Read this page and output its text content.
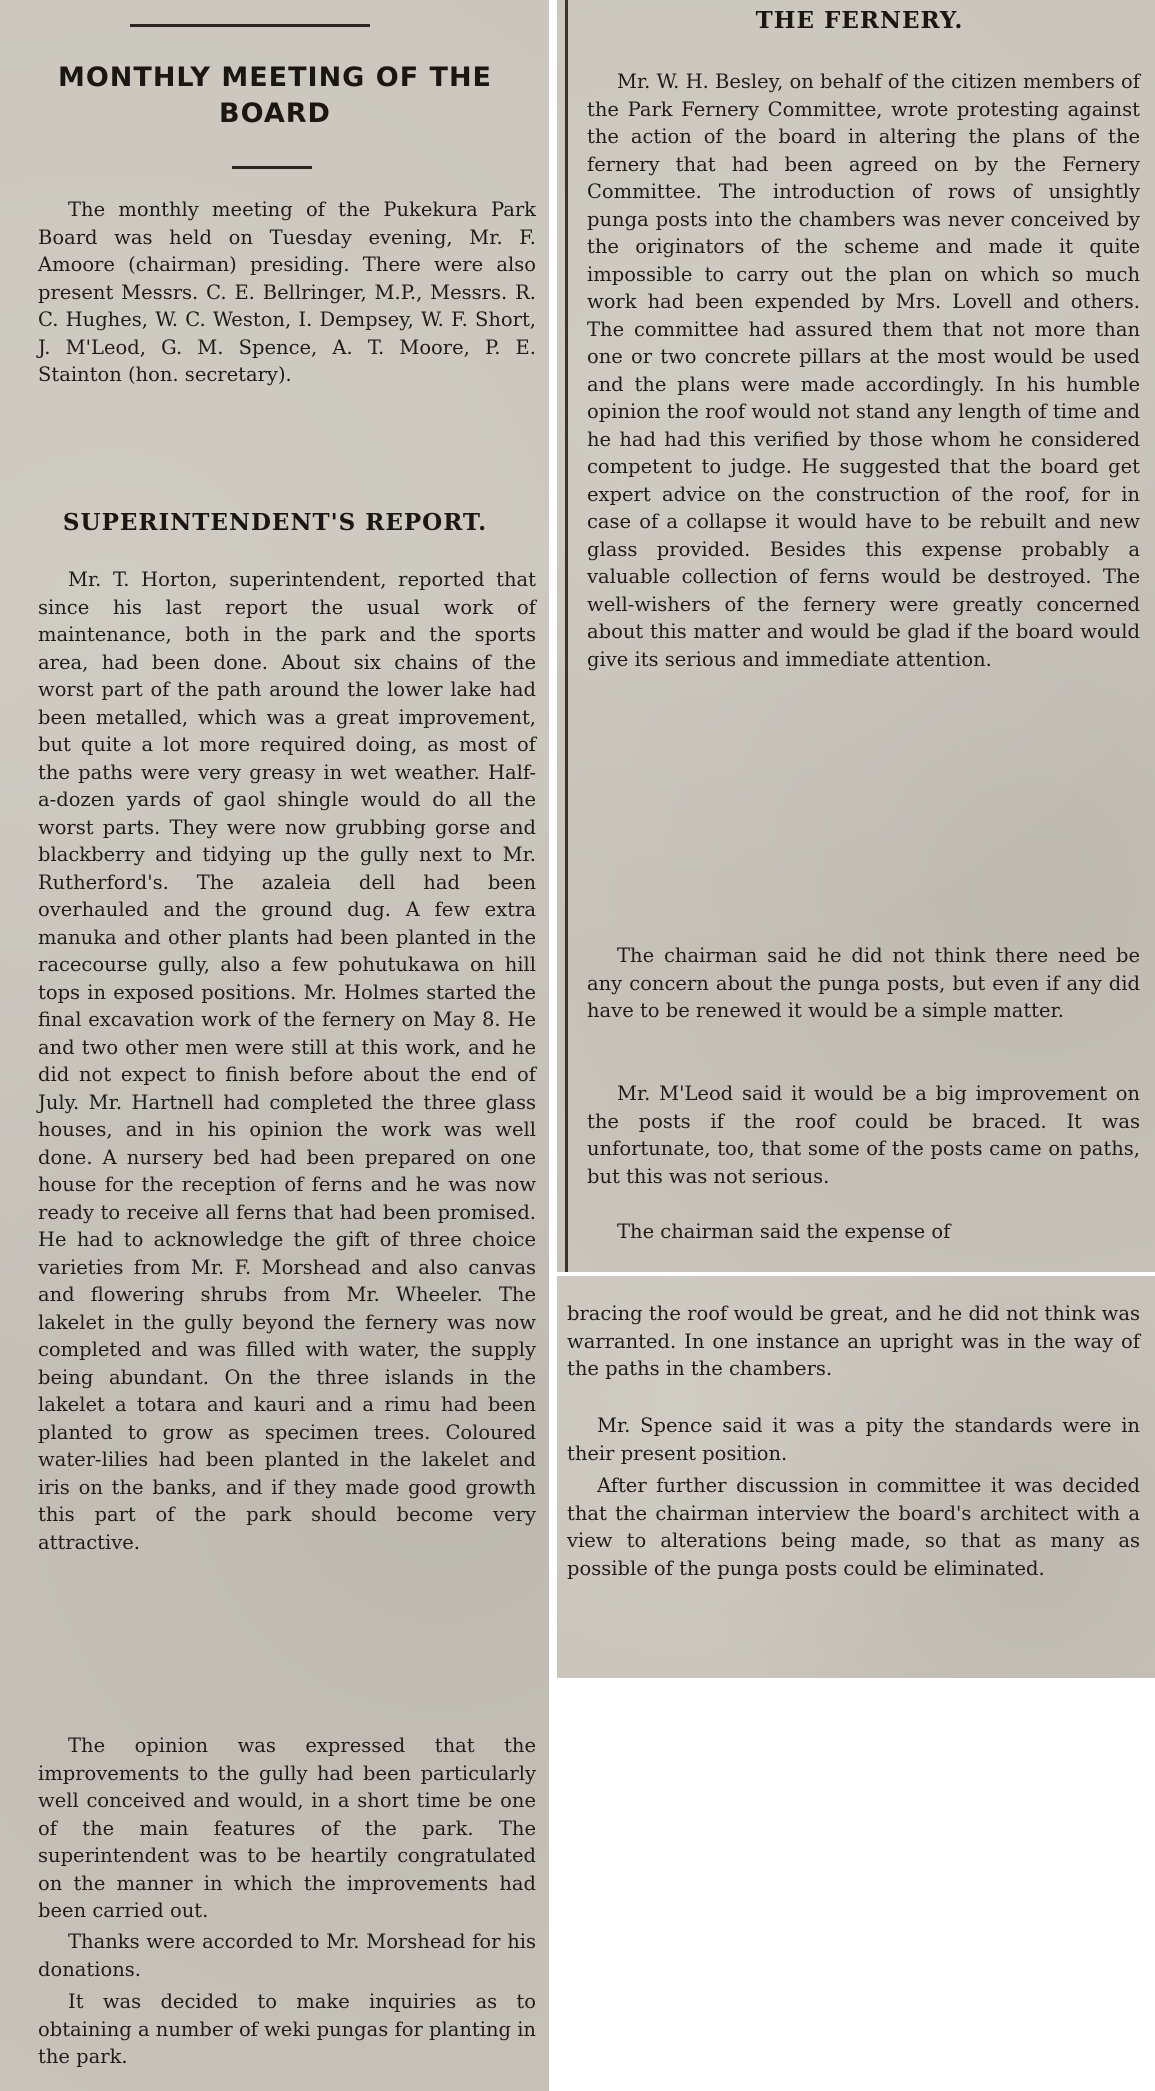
MONTHLY MEETING OF THE BOARD

The monthly meeting of the Pukekura Park Board was held on Tuesday evening, Mr. F. Amoore (chairman) presiding. There were also present Messrs. C. E. Bellringer, M.P., Messrs. R. C. Hughes, W. C. Weston, I. Dempsey, W. F. Short, J. M'Leod, G. M. Spence, A. T. Moore, P. E. Stainton (hon. secretary).

SUPERINTENDENT'S REPORT.

Mr. T. Horton, superintendent, reported that since his last report the usual work of maintenance, both in the park and the sports area, had been done. About six chains of the worst part of the path around the lower lake had been metalled, which was a great improvement, but quite a lot more required doing, as most of the paths were very greasy in wet weather. Half-a-dozen yards of gaol shingle would do all the worst parts. They were now grubbing gorse and blackberry and tidying up the gully next to Mr. Rutherford's. The azaleia dell had been overhauled and the ground dug. A few extra manuka and other plants had been planted in the racecourse gully, also a few pohutukawa on hill tops in exposed positions. Mr. Holmes started the final excavation work of the fernery on May 8. He and two other men were still at this work, and he did not expect to finish before about the end of July. Mr. Hartnell had completed the three glass houses, and in his opinion the work was well done. A nursery bed had been prepared on one house for the reception of ferns and he was now ready to receive all ferns that had been promised. He had to acknowledge the gift of three choice varieties from Mr. F. Morshead and also canvas and flowering shrubs from Mr. Wheeler. The lakelet in the gully beyond the fernery was now completed and was filled with water, the supply being abundant. On the three islands in the lakelet a totara and kauri and a rimu had been planted to grow as specimen trees. Coloured water-lilies had been planted in the lakelet and iris on the banks, and if they made good growth this part of the park should become very attractive.

The opinion was expressed that the improvements to the gully had been particularly well conceived and would, in a short time be one of the main features of the park. The superintendent was to be heartily congratulated on the manner in which the improvements had been carried out.

Thanks were accorded to Mr. Morshead for his donations.

It was decided to make inquiries as to obtaining a number of weki pungas for planting in the park.

THE FERNERY.

Mr. W. H. Besley, on behalf of the citizen members of the Park Fernery Committee, wrote protesting against the action of the board in altering the plans of the fernery that had been agreed on by the Fernery Committee. The introduction of rows of unsightly punga posts into the chambers was never conceived by the originators of the scheme and made it quite impossible to carry out the plan on which so much work had been expended by Mrs. Lovell and others. The committee had assured them that not more than one or two concrete pillars at the most would be used and the plans were made accordingly. In his humble opinion the roof would not stand any length of time and he had had this verified by those whom he considered competent to judge. He suggested that the board get expert advice on the construction of the roof, for in case of a collapse it would have to be rebuilt and new glass provided. Besides this expense probably a valuable collection of ferns would be destroyed. The well-wishers of the fernery were greatly concerned about this matter and would be glad if the board would give its serious and immediate attention.

The chairman said he did not think there need be any concern about the punga posts, but even if any did have to be renewed it would be a simple matter.

Mr. M'Leod said it would be a big improvement on the posts if the roof could be braced. It was unfortunate, too, that some of the posts came on paths, but this was not serious.

The chairman said the expense of

bracing the roof would be great, and he did not think was warranted. In one instance an upright was in the way of the paths in the chambers.

Mr. Spence said it was a pity the standards were in their present position.

After further discussion in committee it was decided that the chairman interview the board's architect with a view to alterations being made, so that as many as possible of the punga posts could be eliminated.
